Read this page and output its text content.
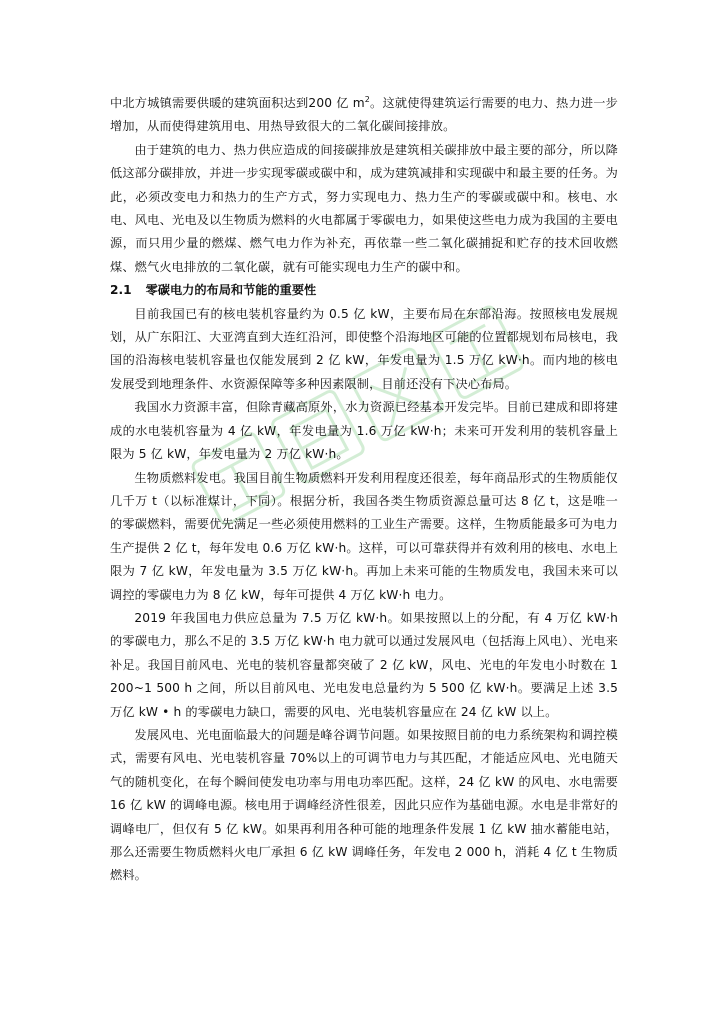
中北方城镇需要供暖的建筑面积达到200 亿 $m^2$。这就使得建筑运行需要的电力、热力进一步增加，从而使得建筑用电、用热导致很大的二氧化碳间接排放。

由于建筑的电力、热力供应造成的间接碳排放是建筑相关碳排放中最主要的部分，所以降低这部分碳排放，并进一步实现零碳或碳中和，成为建筑减排和实现碳中和最主要的任务。为此，必须改变电力和热力的生产方式，努力实现电力、热力生产的零碳或碳中和。核电、水电、风电、光电及以生物质为燃料的火电都属于零碳电力，如果使这些电力成为我国的主要电源，而只用少量的燃煤、燃气电力作为补充，再依靠一些二氧化碳捕捉和贮存的技术回收燃煤、燃气火电排放的二氧化碳，就有可能实现电力生产的碳中和。

2.1 零碳电力的布局和节能的重要性

目前我国已有的核电装机容量约为 0.5 亿 kW，主要布局在东部沿海。按照核电发展规划，从广东阳江、大亚湾直到大连红沿河，即使整个沿海地区可能的位置都规划布局核电，我国的沿海核电装机容量也仅能发展到 2 亿 kW，年发电量为 1.5 万亿 kW·h。而内地的核电发展受到地理条件、水资源保障等多种因素限制，目前还没有下决心布局。

我国水力资源丰富，但除青藏高原外，水力资源已经基本开发完毕。目前已建成和即将建成的水电装机容量为 4 亿 kW，年发电量为 1.6 万亿 kW·h；未来可开发利用的装机容量上限为 5 亿 kW，年发电量为 2 万亿 kW·h。

生物质燃料发电。我国目前生物质燃料开发利用程度还很差，每年商品形式的生物质能仅几千万 t（以标准煤计，下同）。根据分析，我国各类生物质资源总量可达 8 亿 t，这是唯一的零碳燃料，需要优先满足一些必须使用燃料的工业生产需要。这样，生物质能最多可为电力生产提供 2 亿 t，每年发电 0.6 万亿 kW·h。这样，可以可靠获得并有效利用的核电、水电上限为 7 亿 kW，年发电量为 3.5 万亿 kW·h。再加上未来可能的生物质发电，我国未来可以调控的零碳电力为 8 亿 kW，每年可提供 4 万亿 kW·h 电力。

2019 年我国电力供应总量为 7.5 万亿 kW·h。如果按照以上的分配，有 4 万亿 kW·h 的零碳电力，那么不足的 3.5 万亿 kW·h 电力就可以通过发展风电（包括海上风电）、光电来补足。我国目前风电、光电的装机容量都突破了 2 亿 kW，风电、光电的年发电小时数在 1 200~1 500 h 之间，所以目前风电、光电发电总量约为 5 500 亿 kW·h。要满足上述 3.5 万亿 kW • h 的零碳电力缺口，需要的风电、光电装机容量应在 24 亿 kW 以上。

发展风电、光电面临最大的问题是峰谷调节问题。如果按照目前的电力系统架构和调控模式，需要有风电、光电装机容量 70%以上的可调节电力与其匹配，才能适应风电、光电随天气的随机变化，在每个瞬间使发电功率与用电功率匹配。这样，24 亿 kW 的风电、水电需要 16 亿 kW 的调峰电源。核电用于调峰经济性很差，因此只应作为基础电源。水电是非常好的调峰电厂，但仅有 5 亿 kW。如果再利用各种可能的地理条件发展 1 亿 kW 抽水蓄能电站，那么还需要生物质燃料火电厂承担 6 亿 kW 调峰任务，年发电 2 000 h，消耗 4 亿 t 生物质燃料。
